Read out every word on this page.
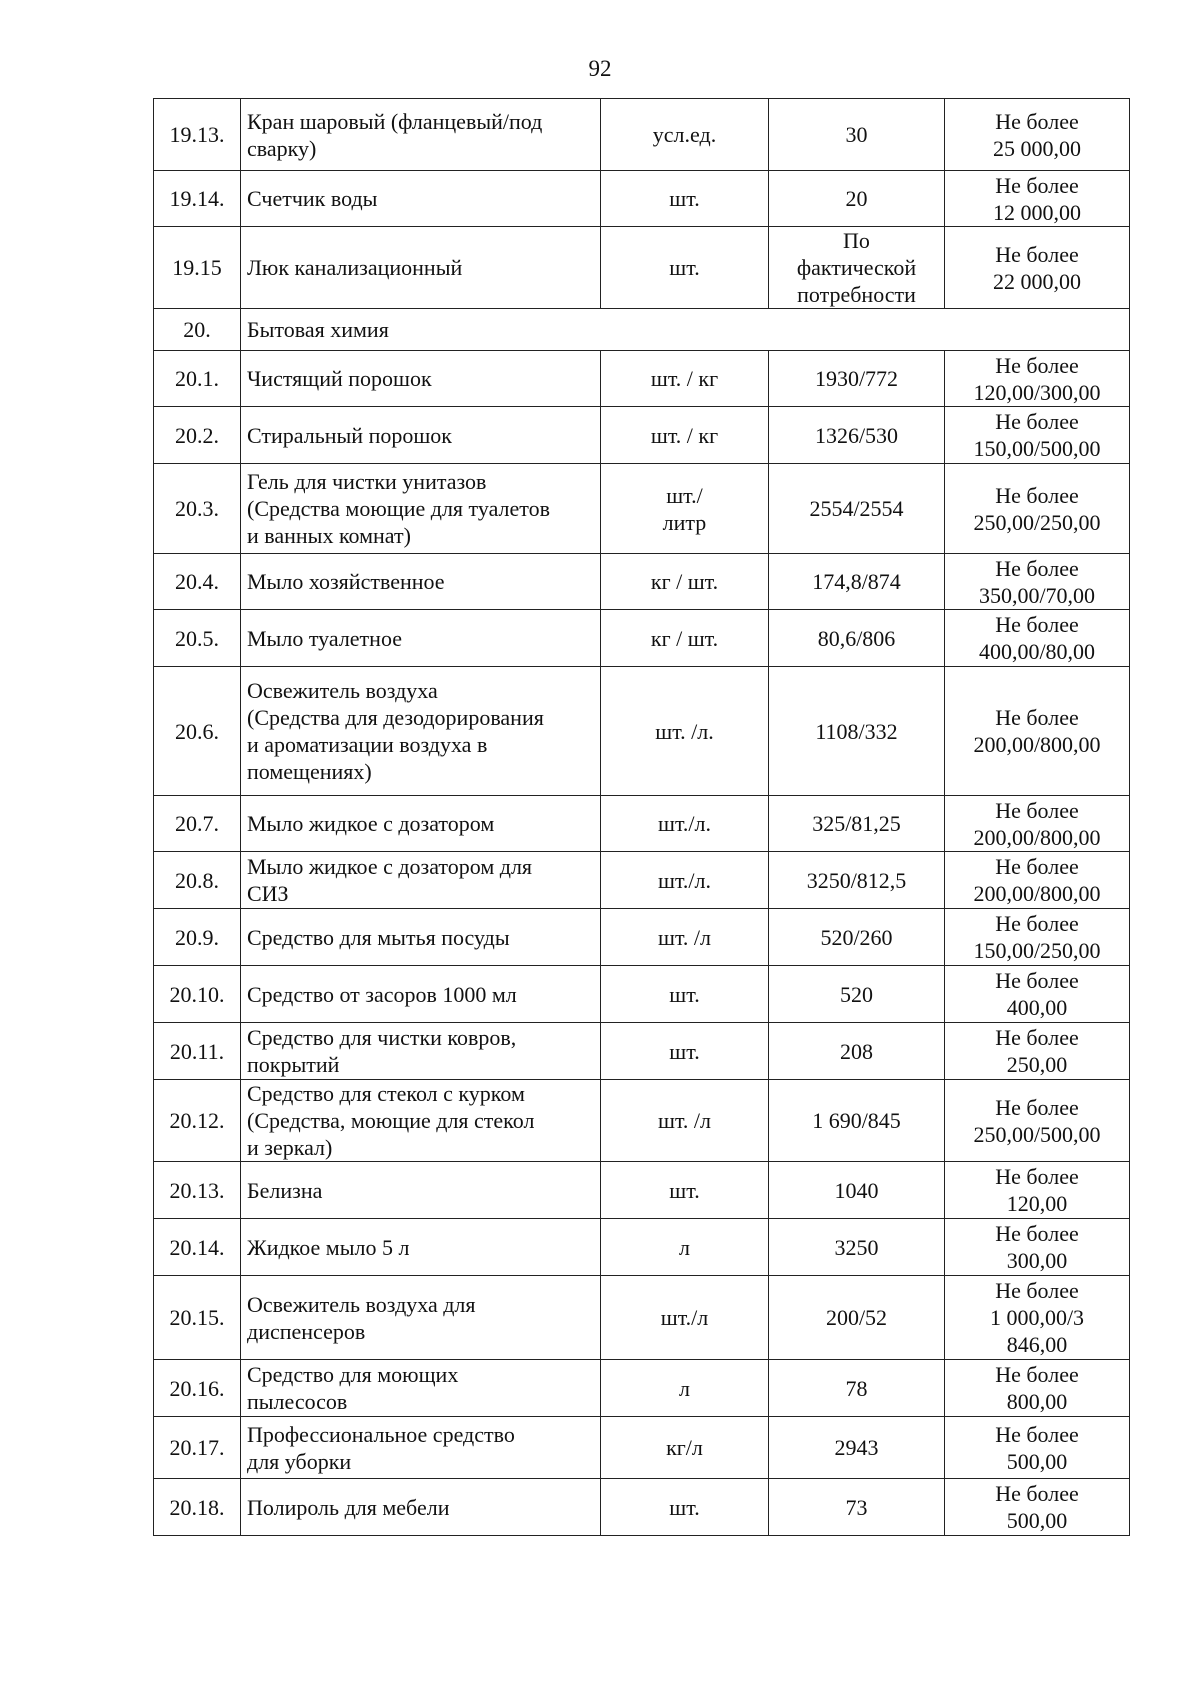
92
19.13.	Кран шаровый (фланцевый/под
сварку)	усл.ед.	30	Не более
25 000,00

19.14.	Счетчик воды	шт.	20	Не более
12 000,00

19.15	Люк канализационный	шт.	По
фактической
потребности	Не более
22 000,00

20.	Бытовая химия			

20.1.	Чистящий порошок	шт. / кг	1930/772	Не более
120,00/300,00

20.2.	Стиральный порошок	шт. / кг	1326/530	Не более
150,00/500,00

20.3.	Гель для чистки унитазов
(Средства моющие для туалетов
и ванных комнат)	шт./
литр	2554/2554	Не более
250,00/250,00

20.4.	Мыло хозяйственное	кг / шт.	174,8/874	Не более
350,00/70,00

20.5.	Мыло туалетное	кг / шт.	80,6/806	Не более
400,00/80,00

20.6.	Освежитель воздуха
(Средства для дезодорирования
и ароматизации воздуха в
помещениях)	шт. /л.	1108/332	Не более
200,00/800,00

20.7.	Мыло жидкое с дозатором	шт./л.	325/81,25	Не более
200,00/800,00

20.8.	Мыло жидкое с дозатором для
СИЗ	шт./л.	3250/812,5	Не более
200,00/800,00

20.9.	Средство для мытья посуды	шт. /л	520/260	Не более
150,00/250,00

20.10.	Средство от засоров 1000 мл	шт.	520	Не более
400,00

20.11.	Средство для чистки ковров,
покрытий	шт.	208	Не более
250,00

20.12.	Средство для стекол с курком
(Средства, моющие для стекол
и зеркал)	шт. /л	1 690/845	Не более
250,00/500,00

20.13.	Белизна	шт.	1040	Не более
120,00

20.14.	Жидкое мыло 5 л	л	3250	Не более
300,00

20.15.	Освежитель воздуха для
диспенсеров	шт./л	200/52	Не более
1 000,00/3
846,00

20.16.	Средство для моющих
пылесосов	л	78	Не более
800,00

20.17.	Профессиональное средство
для уборки	кг/л	2943	Не более
500,00

20.18.	Полироль для мебели	шт.	73	Не более
500,00
